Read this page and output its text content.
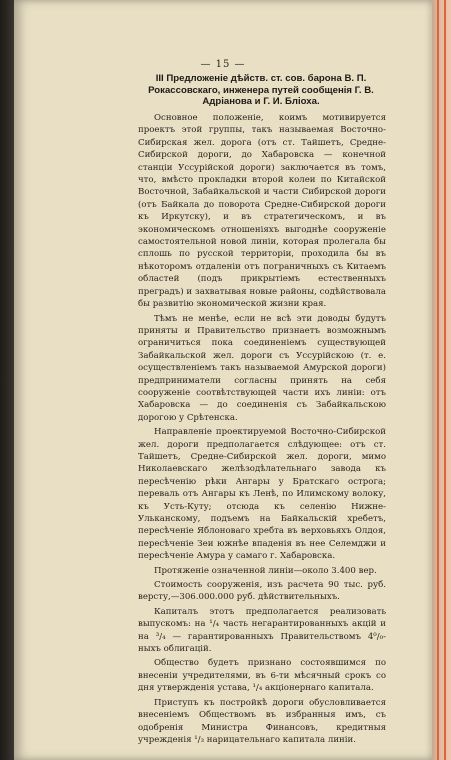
— 15 —
III Предложеніе дѣйств. ст. сов. барона В. П. Рокассовскаго, инженера путей сообщенія Г. В. Адріанова и Г. И. Бліоха.

Основное положеніе, коимъ мотивируется проектъ этой группы, такъ называемая Восточно-Сибирская жел. дорога (отъ ст. Тайшетъ, Средне-Сибирской дороги, до Хабаровска — конечной станціи Уссурійской дороги) заключается въ томъ, что, вмѣсто прокладки второй колеи по Китайской Восточной, Забайкальской и части Сибирской дороги (отъ Байкала до поворота Средне-Сибирской дороги къ Иркутску), и въ стратегическомъ, и въ экономическомъ отношеніяхъ выгоднѣе сооруженіе самостоятельной новой линіи, которая пролегала бы сплошь по русской территоріи, проходила бы въ нѣкоторомъ отдаленіи отъ пограничныхъ съ Китаемъ областей (подъ прикрытіемъ естественныхъ преградъ) и захватывая новые районы, содѣйствовала бы развитію экономической жизни края.

Тѣмъ не менѣе, если не всѣ эти доводы будутъ приняты и Правительство признаетъ возможнымъ ограничиться пока соединеніемъ существующей Забайкальской жел. дороги съ Уссурійскою (т. е. осуществленіемъ такъ называемой Амурской дороги) предприниматели согласны принять на себя сооруженіе соотвѣтствующей части ихъ линіи: отъ Хабаровска — до соединенія съ Забайкальскою дорогою у Срѣтенска.

Направленіе проектируемой Восточно-Сибирской жел. дороги предполагается слѣдующее: отъ ст. Тайшетъ, Средне-Сибирской жел. дороги, мимо Николаевскаго желѣзодѣлательнаго завода къ пересѣченію рѣки Ангары у Братскаго острога; переваль отъ Ангары къ Ленѣ, по Илимскому волоку, къ Усть-Куту; отсюда къ селенію Нижне-Ульканскому, подъемъ на Байкальскій хребетъ, пересѣченіе Яблоноваго хребта въ верховьяхъ Олдоя, пересѣченіе Зеи южнѣе впаденія въ нее Селемджи и пересѣченіе Амура у самаго г. Хабаровска.

Протяженіе означенной линіи—около 3.400 вер.

Стоимость сооруженія, изъ расчета 90 тыс. руб. версту,—306.000.000 руб. дѣйствительныхъ.

Капиталъ этотъ предполагается реализовать выпускомъ: на ¹/₄ часть негарантированныхъ акцій и на ³/₄ — гарантированныхъ Правительствомъ 4⁰/₀-ныхъ облигацій.

Общество будетъ признано состоявшимся по внесеніи учредителями, въ 6-ти мѣсячный срокъ со дня утвержденія устава, ¹/₄ акціонернаго капитала.

Приступъ къ постройкѣ дороги обусловливается внесеніемъ Обществомъ въ избранныя имъ, съ одобренія Министра Финансовъ, кредитныя учрежденія ¹/₃ нарицательнаго капитала линіи.
